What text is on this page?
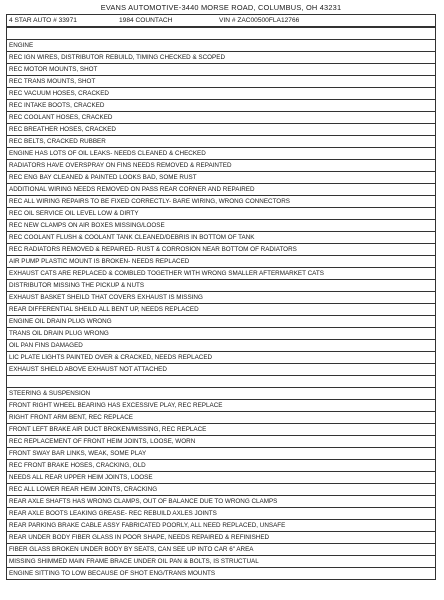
EVANS AUTOMOTIVE-3440 MORSE ROAD, COLUMBUS, OH 43231
4 STAR AUTO # 33971	1984 COUNTACH	VIN # ZAC00500FLA12766
ENGINE
REC IGN WIRES, DISTRIBUTOR REBUILD, TIMING CHECKED & SCOPED
REC MOTOR MOUNTS, SHOT
REC TRANS MOUNTS, SHOT
REC VACUUM HOSES, CRACKED
REC INTAKE BOOTS, CRACKED
REC COOLANT HOSES, CRACKED
REC BREATHER HOSES, CRACKED
REC BELTS, CRACKED RUBBER
ENGINE HAS LOTS OF OIL LEAKS- NEEDS CLEANED & CHECKED
RADIATORS HAVE OVERSPRAY ON FINS NEEDS REMOVED & REPAINTED
REC ENG BAY CLEANED & PAINTED LOOKS BAD, SOME RUST
ADDITIONAL WIRING NEEDS REMOVED ON PASS REAR CORNER AND REPAIRED
REC ALL WIRING REPAIRS TO BE FIXED CORRECTLY- BARE WIRING, WRONG CONNECTORS
REC OIL SERVICE OIL LEVEL LOW & DIRTY
REC NEW CLAMPS ON AIR BOXES MISSING/LOOSE
REC COOLANT FLUSH & COOLANT TANK CLEANED/DEBRIS IN BOTTOM OF TANK
REC RADIATORS REMOVED & REPAIRED- RUST & CORROSION NEAR BOTTOM OF RADIATORS
AIR PUMP PLASTIC MOUNT IS BROKEN- NEEDS REPLACED
EXHAUST CATS ARE REPLACED & COMBLED TOGETHER WITH WRONG SMALLER AFTERMARKET CATS
DISTRIBUTOR MISSING THE PICKUP & NUTS
EXHAUST BASKET SHEILD THAT COVERS EXHAUST IS MISSING
REAR DIFFERENTIAL SHEILD ALL BENT UP, NEEDS REPLACED
ENGINE OIL DRAIN PLUG WRONG
TRANS OIL DRAIN PLUG WRONG
OIL PAN FINS DAMAGED
LIC PLATE LIGHTS PAINTED OVER & CRACKED, NEEDS REPLACED
EXHAUST SHIELD ABOVE EXHAUST NOT ATTACHED
STEERING & SUSPENSION
FRONT RIGHT WHEEL BEARING HAS EXCESSIVE PLAY, REC REPLACE
RIGHT FRONT ARM BENT, REC REPLACE
FRONT LEFT BRAKE AIR DUCT BROKEN/MISSING, REC REPLACE
REC REPLACEMENT OF FRONT HEIM JOINTS, LOOSE, WORN
FRONT SWAY BAR LINKS, WEAK, SOME PLAY
REC FRONT BRAKE HOSES, CRACKING, OLD
NEEDS ALL REAR UPPER HEIM JOINTS, LOOSE
REC ALL LOWER REAR HEIM JOINTS, CRACKING
REAR AXLE SHAFTS HAS WRONG CLAMPS, OUT OF BALANCE DUE TO WRONG CLAMPS
REAR AXLE BOOTS LEAKING GREASE- REC REBUILD AXLES JOINTS
REAR PARKING BRAKE CABLE ASSY FABRICATED POORLY, ALL NEED REPLACED, UNSAFE
REAR UNDER BODY FIBER GLASS IN POOR SHAPE, NEEDS REPAIRED & REFINISHED
FIBER GLASS BROKEN UNDER BODY BY SEATS, CAN SEE UP INTO CAR 6" AREA
MISSING SHIMMED MAIN FRAME BRACE UNDER OIL PAN & BOLTS, IS STRUCTUAL
ENGINE SITTING TO LOW BECAUSE OF SHOT ENG/TRANS MOUNTS
